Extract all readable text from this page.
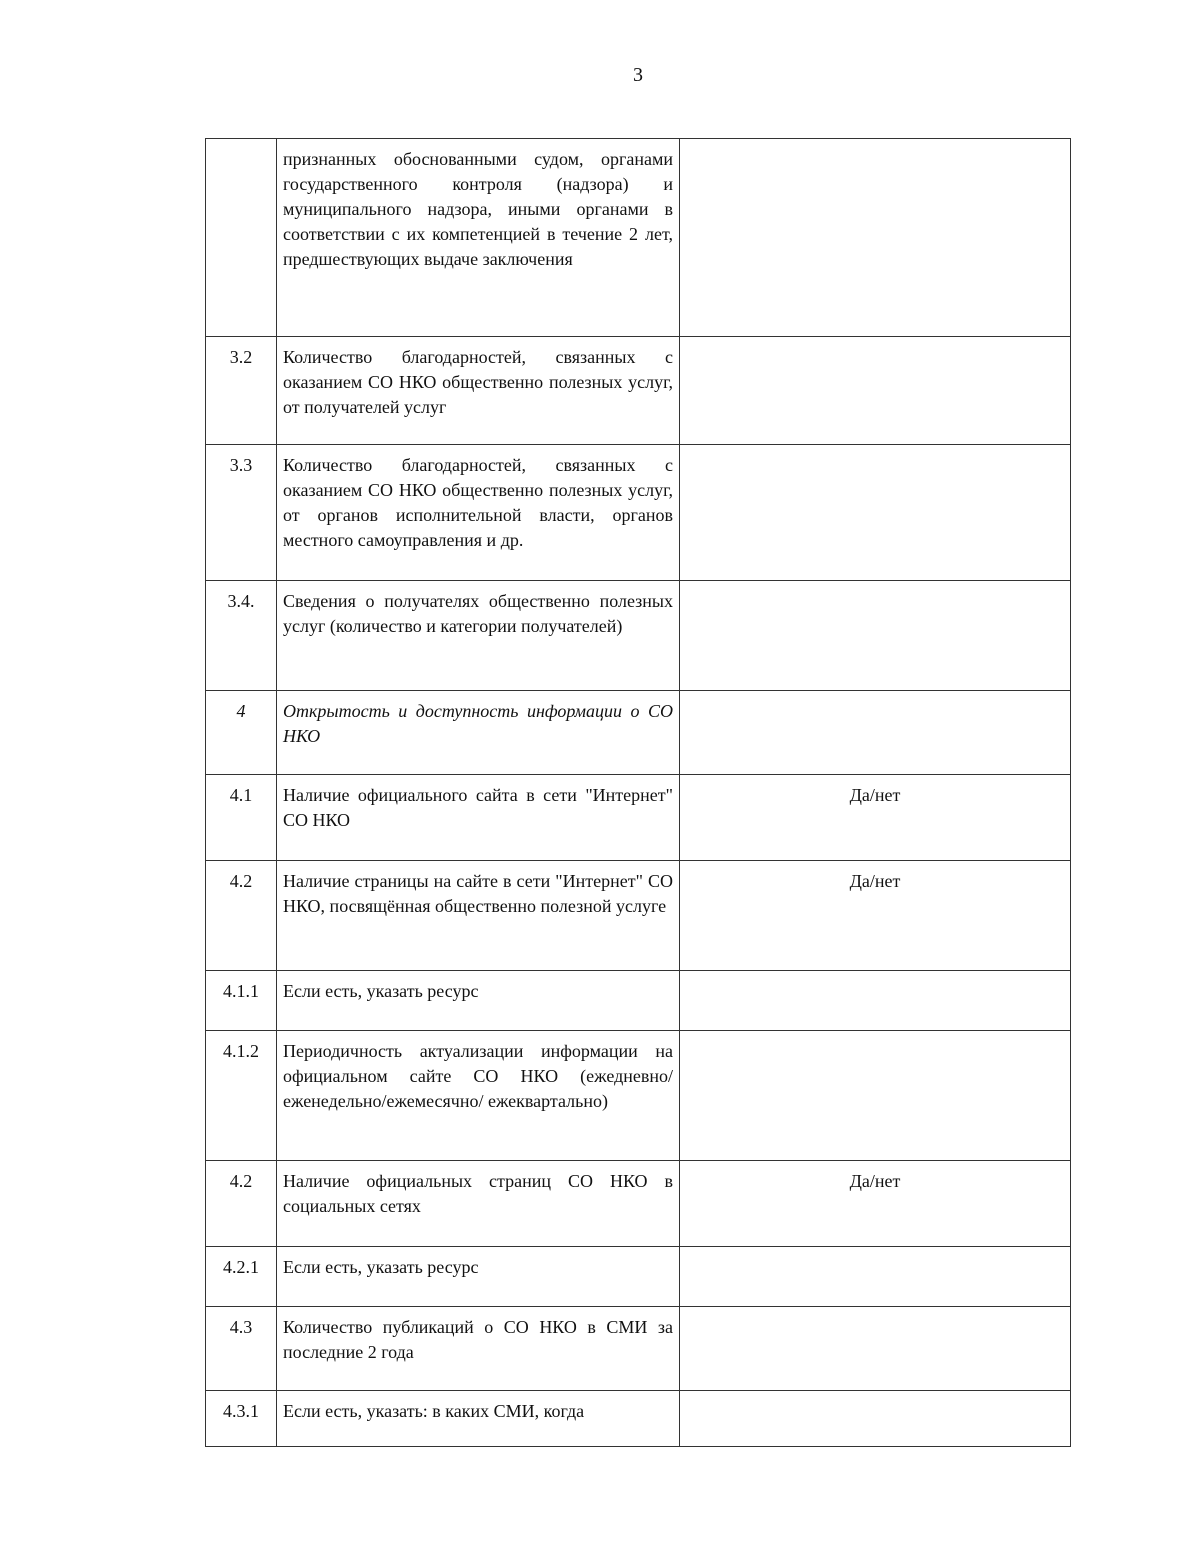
3
	признанных обоснованными судом, органами государственного контроля (надзора) и муниципального надзора, иными органами в соответствии с их компетенцией в течение 2 лет, предшествующих выдаче заключения	
3.2	Количество благодарностей, связанных с оказанием СО НКО общественно полезных услуг, от получателей услуг	
3.3	Количество благодарностей, связанных с оказанием СО НКО общественно полезных услуг, от органов исполнительной власти, органов местного самоуправления и др.	
3.4.	Сведения о получателях общественно полезных услуг (количество и категории получателей)	
4	Открытость и доступность информации о СО НКО	
4.1	Наличие официального сайта в сети "Интернет" СО НКО	Да/нет
4.2	Наличие страницы на сайте в сети "Интернет" СО НКО, посвящённая общественно полезной услуге	Да/нет
4.1.1	Если есть, указать ресурс	
4.1.2	Периодичность актуализации информации на официальном сайте СО НКО (ежедневно/еженедельно/ежемесячно/ ежеквартально)	
4.2	Наличие официальных страниц СО НКО в социальных сетях	Да/нет
4.2.1	Если есть, указать ресурс	
4.3	Количество публикаций о СО НКО в СМИ за последние 2 года	
4.3.1	Если есть, указать: в каких СМИ, когда	
